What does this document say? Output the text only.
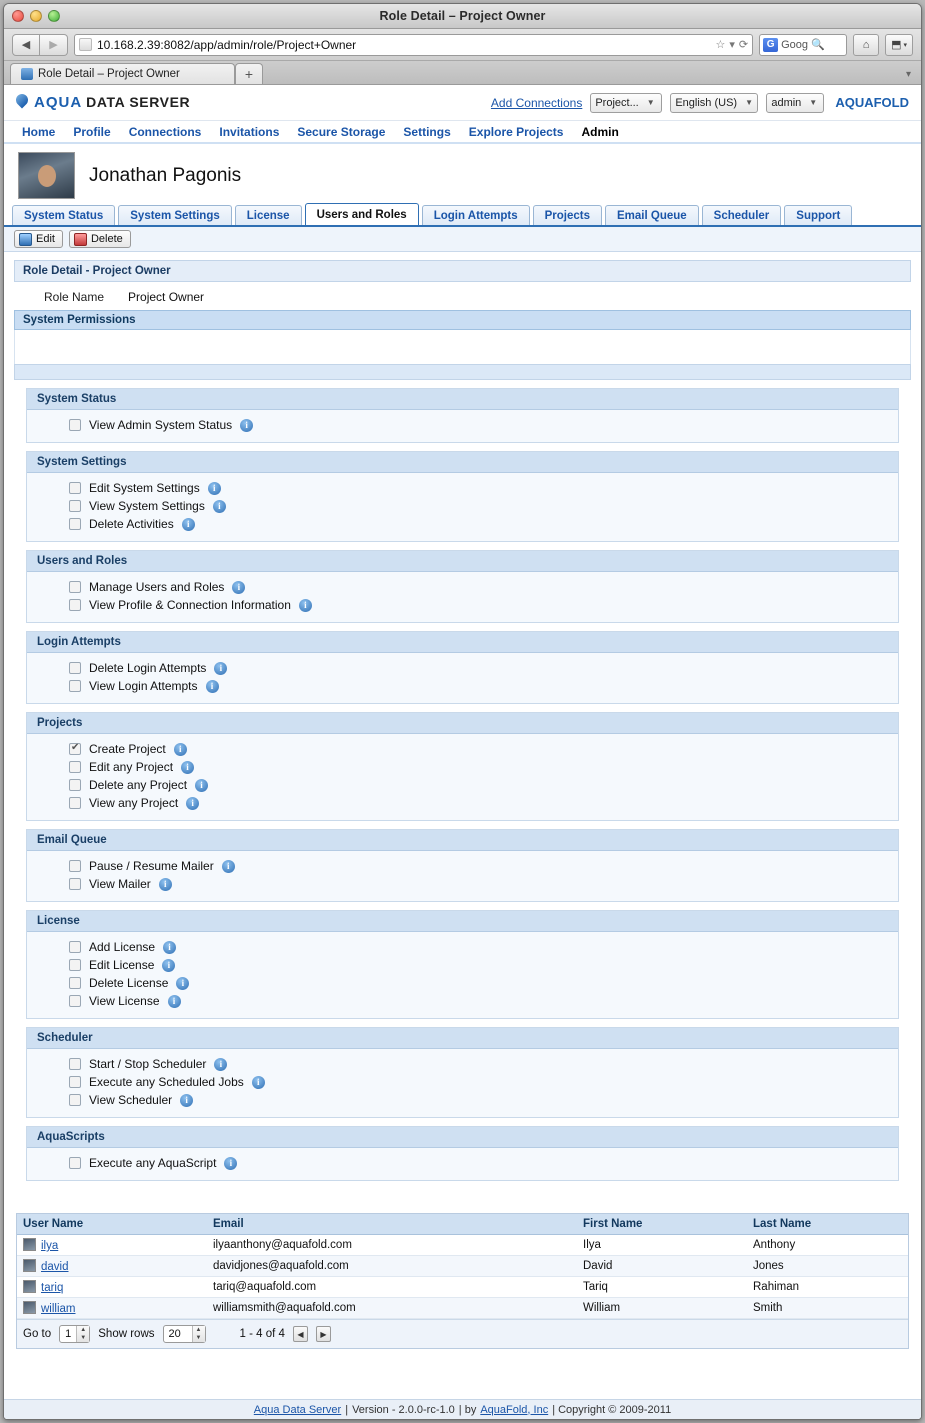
Role Detail – Project Owner
◀	▶	10.168.2.39:8082/app/admin/role/Project+Owner	☆ ▾ ⟳	G Goog 🔍	⌂	⬒ ▾
Role Detail – Project Owner	+	▾
AQUA DATA SERVER	Add Connections Project... ▼ English (US) ▼ admin ▼ AQUAFOLD
Home Profile Connections Invitations Secure Storage Settings Explore Projects Admin
Jonathan Pagonis
System Status	System Settings	License	Users and Roles	Login Attempts	Projects	Email Queue	Scheduler	Support
Edit	Delete
Role Detail - Project Owner
Role Name Project Owner
System Permissions
System Status
View Admin System Status	i
System Settings
Edit System Settings	i
View System Settings	i
Delete Activities	i
Users and Roles
Manage Users and Roles	i
View Profile & Connection Information	i
Login Attempts
Delete Login Attempts	i
View Login Attempts	i
Projects
✔
Create Project	i
Edit any Project	i
Delete any Project	i
View any Project	i
Email Queue
Pause / Resume Mailer	i
View Mailer	i
License
Add License	i
Edit License	i
Delete License	i
View License	i
Scheduler
Start / Stop Scheduler	i
Execute any Scheduled Jobs	i
View Scheduler	i
AquaScripts
Execute any AquaScript	i
User Name	Email	First Name	Last Name
ilya	ilyaanthony@aquafold.com	Ilya	Anthony
david	davidjones@aquafold.com	David	Jones
tariq	tariq@aquafold.com	Tariq	Rahiman
william	williamsmith@aquafold.com	William	Smith
Go to	1	▲
▼ Show rows	20	▲
▼	1 - 4 of 4	◀	▶
Aqua Data Server | Version - 2.0.0-rc-1.0 | by AquaFold, Inc | Copyright © 2009-2011
